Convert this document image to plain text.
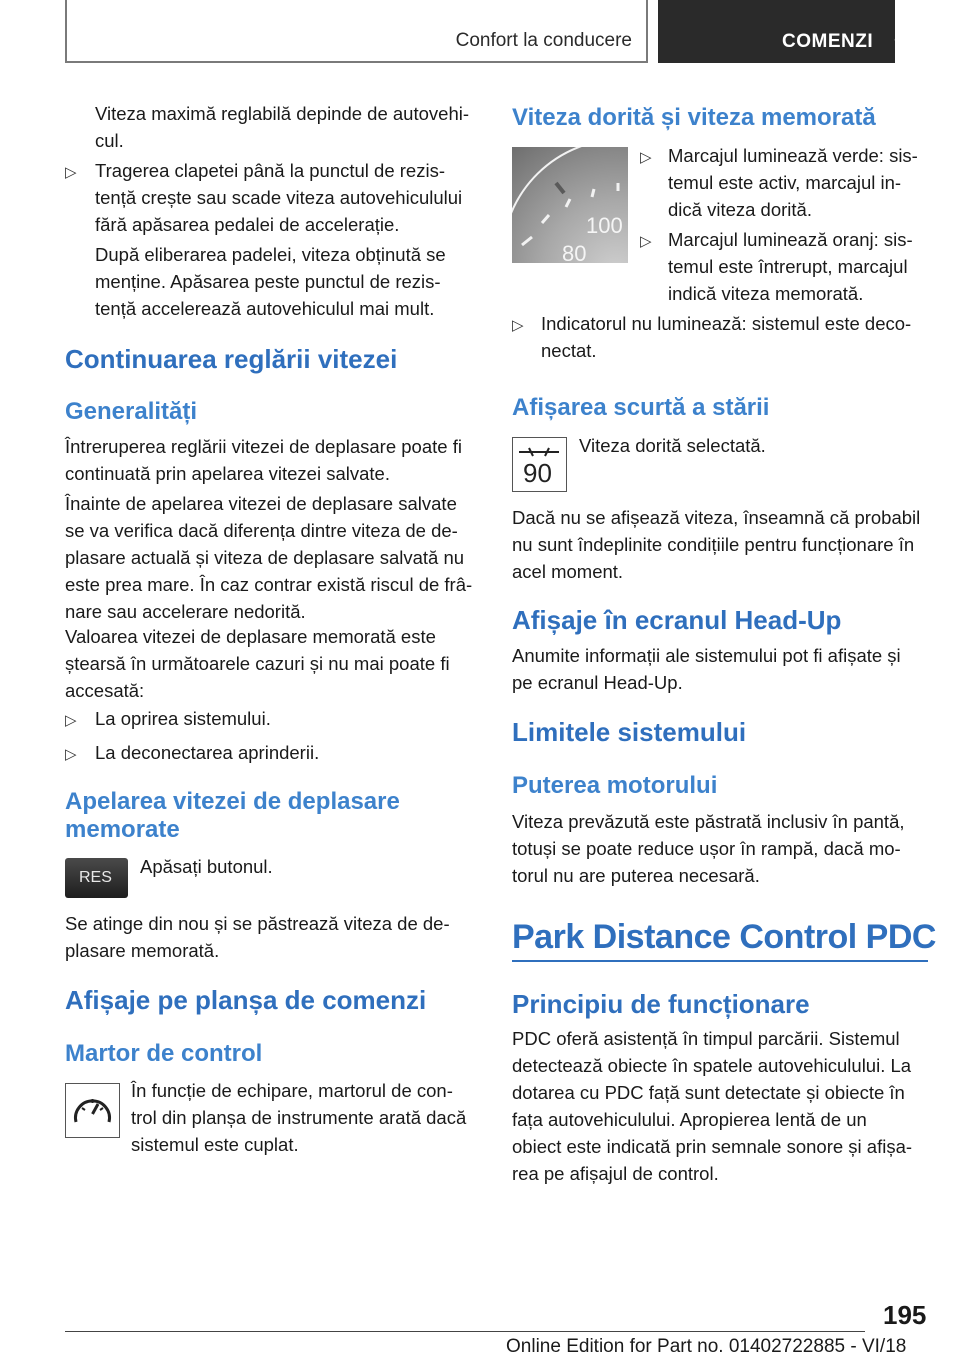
Confort la conducere	COMENZI

Viteza maximă reglabilă depinde de autovehi-
cul.

▷ Tragerea clapetei până la punctul de rezis-
tență crește sau scade viteza autovehiculului
fără apăsarea pedalei de accelerație.

După eliberarea padelei, viteza obținută se
menține. Apăsarea peste punctul de rezis-
tență accelerează autovehiculul mai mult.

Continuarea reglării vitezei
Generalități

Întreruperea reglării vitezei de deplasare poate fi
continuată prin apelarea vitezei salvate.

Înainte de apelarea vitezei de deplasare salvate
se va verifica dacă diferența dintre viteza de de-
plasare actuală și viteza de deplasare salvată nu
este prea mare. În caz contrar există riscul de frâ-
nare sau accelerare nedorită.

Valoarea vitezei de deplasare memorată este
ștearsă în următoarele cazuri și nu mai poate fi
accesată:

▷ La oprirea sistemului.

▷ La deconectarea aprinderii.

Apelarea vitezei de deplasare
memorate
RES

Apăsați butonul.

Se atinge din nou și se păstrează viteza de de-
plasare memorată.

Afișaje pe planșa de comenzi
Martor de control

În funcție de echipare, martorul de con-
trol din planșa de instrumente arată dacă
sistemul este cuplat.

Viteza dorită și viteza memorată
100
80
▷ Marcajul luminează verde: sis-
temul este activ, marcajul in-
dică viteza dorită.

▷ Marcajul luminează oranj: sis-
temul este întrerupt, marcajul
indică viteza memorată.

▷ Indicatorul nu luminează: sistemul este deco-
nectat.

Afișarea scurtă a stării
90

Viteza dorită selectată.

Dacă nu se afișează viteza, înseamnă că probabil
nu sunt îndeplinite condițiile pentru funcționare în
acel moment.

Afișaje în ecranul Head-Up

Anumite informații ale sistemului pot fi afișate și
pe ecranul Head-Up.

Limitele sistemului
Puterea motorului

Viteza prevăzută este păstrată inclusiv în pantă,
totuși se poate reduce ușor în rampă, dacă mo-
torul nu are puterea necesară.

Park Distance Control PDC
Principiu de funcționare

PDC oferă asistență în timpul parcării. Sistemul
detectează obiecte în spatele autovehiculului. La
dotarea cu PDC față sunt detectate și obiecte în
fața autovehiculului. Apropierea lentă de un
obiect este indicată prin semnale sonore și afișa-
rea pe afișajul de control.

195
Online Edition for Part no. 01402722885 - VI/18
